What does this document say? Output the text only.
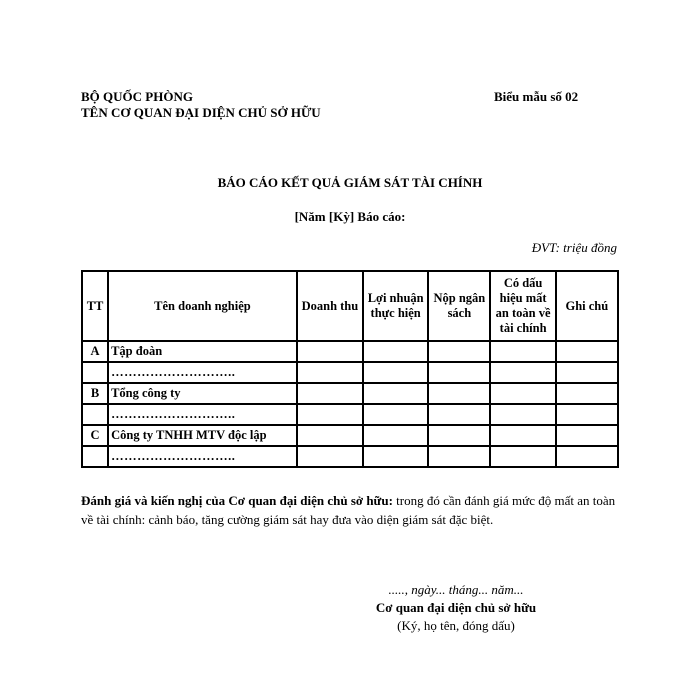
BỘ QUỐC PHÒNG
TÊN CƠ QUAN ĐẠI DIỆN CHỦ SỞ HỮU
Biểu mẫu số 02
BÁO CÁO KẾT QUẢ GIÁM SÁT TÀI CHÍNH
[Năm [Kỳ] Báo cáo:
ĐVT: triệu đồng
TT	Tên doanh nghiệp	Doanh thu	Lợi nhuận thực hiện	Nộp ngân sách	Có dấu hiệu mất an toàn về tài chính	Ghi chú
A	Tập đoàn					
	………………………..					
B	Tổng công ty					
	………………………..					
C	Công ty TNHH MTV độc lập					
	………………………..					
Đánh giá và kiến nghị của Cơ quan đại diện chủ sở hữu: trong đó cần đánh giá mức độ mất an toàn về tài chính: cảnh báo, tăng cường giám sát hay đưa vào diện giám sát đặc biệt.
....., ngày... tháng... năm...
Cơ quan đại diện chủ sở hữu
(Ký, họ tên, đóng dấu)
